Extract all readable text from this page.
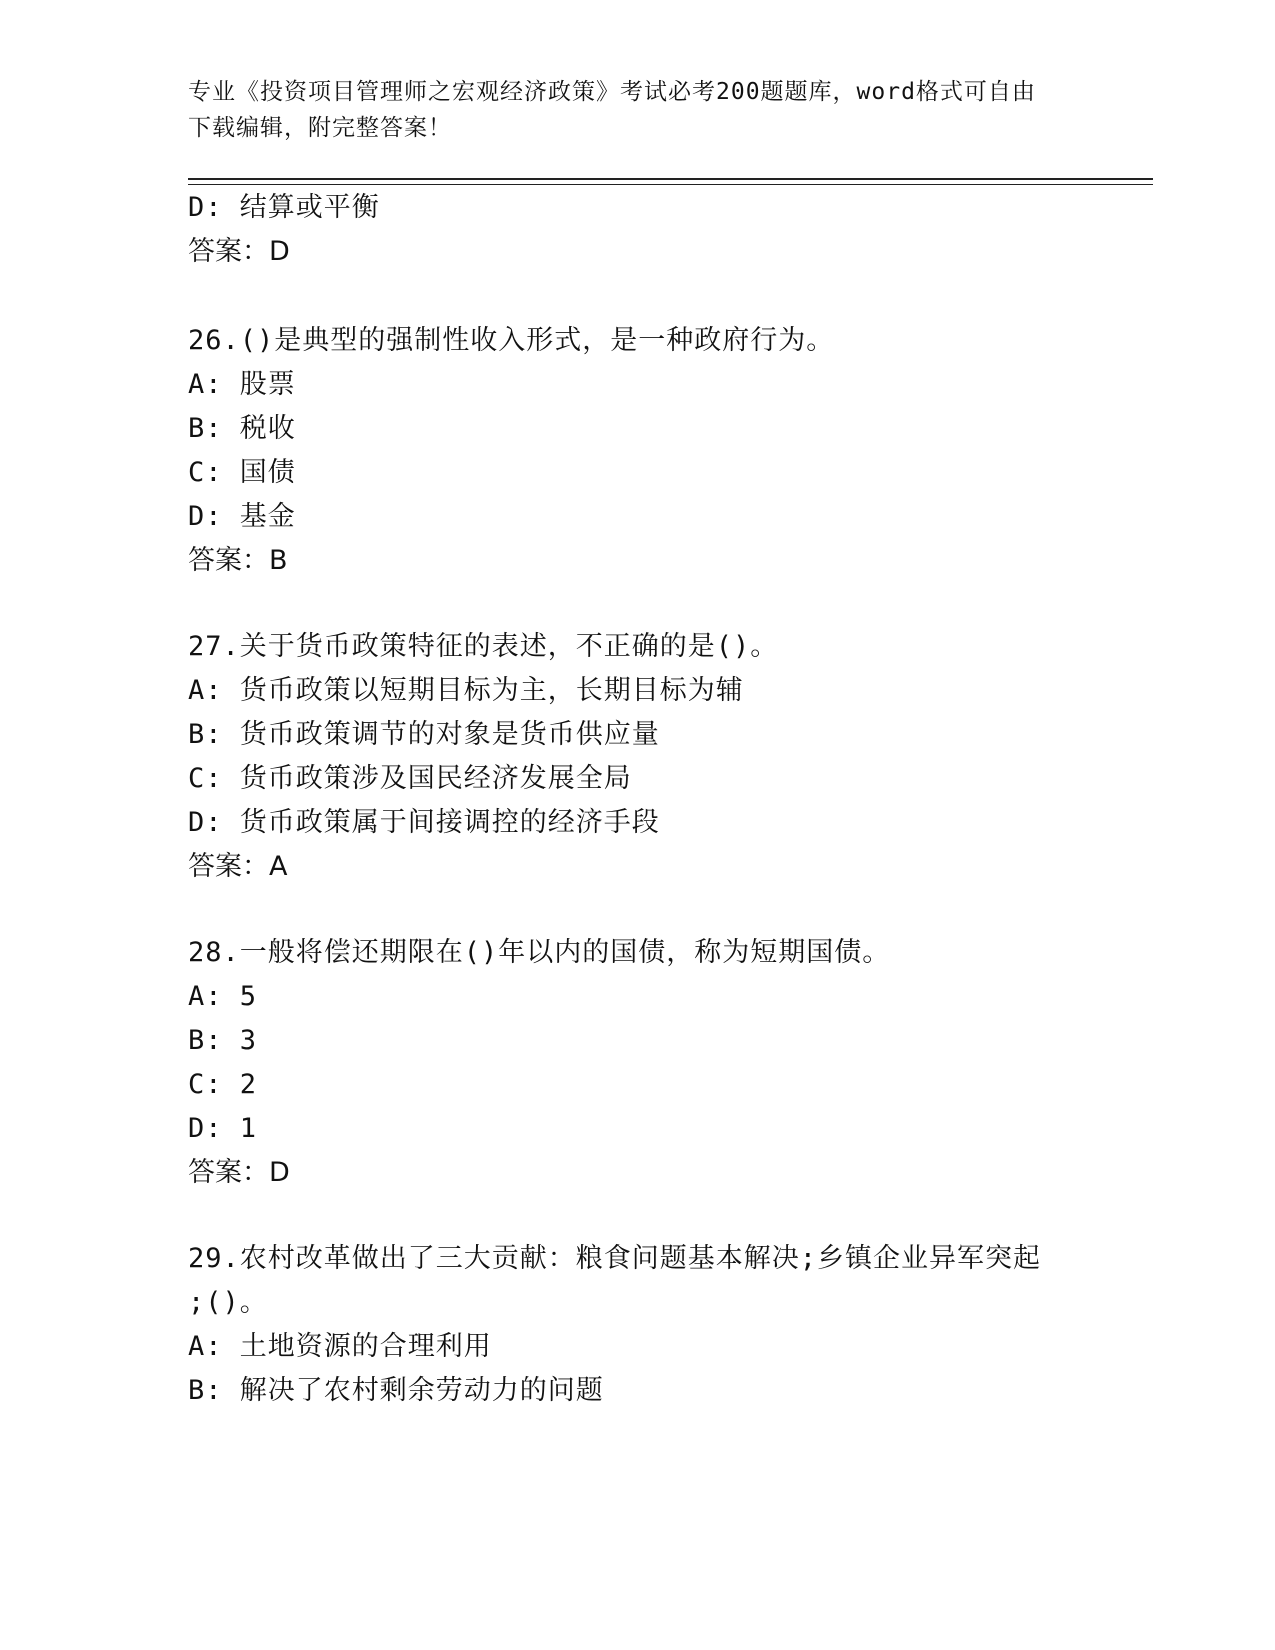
专业《投资项目管理师之宏观经济政策》考试必考200题题库，word格式可自由
下载编辑，附完整答案！
D: 结算或平衡
答案：D
26.()是典型的强制性收入形式，是一种政府行为。
A: 股票
B: 税收
C: 国债
D: 基金
答案：B
27.关于货币政策特征的表述，不正确的是()。
A: 货币政策以短期目标为主，长期目标为辅
B: 货币政策调节的对象是货币供应量
C: 货币政策涉及国民经济发展全局
D: 货币政策属于间接调控的经济手段
答案：A
28.一般将偿还期限在()年以内的国债，称为短期国债。
A: 5
B: 3
C: 2
D: 1
答案：D
29.农村改革做出了三大贡献：粮食问题基本解决;乡镇企业异军突起
;()。
A: 土地资源的合理利用
B: 解决了农村剩余劳动力的问题
